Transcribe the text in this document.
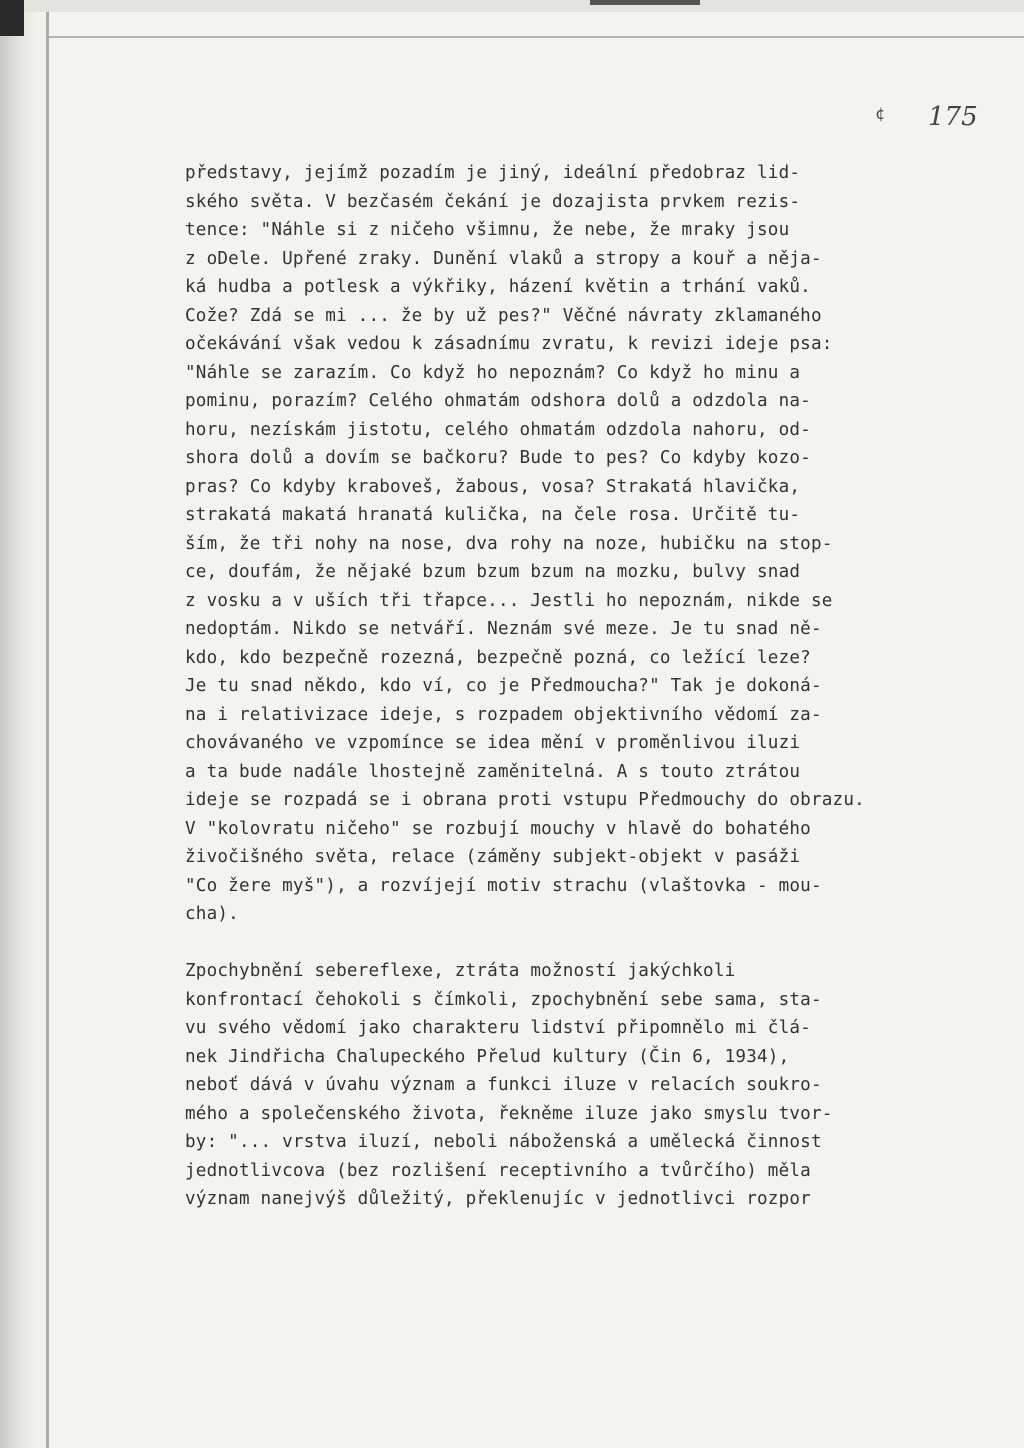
¢ 175
představy, jejímž pozadím je jiný, ideální předobraz lid-
ského světa. V bezčasém čekání je dozajista prvkem rezis-
tence: "Náhle si z ničeho všimnu, že nebe, že mraky jsou
z oDele. Upřené zraky. Dunění vlaků a stropy a kouř a něja-
ká hudba a potlesk a výkřiky, házení květin a trhání vaků.
Cože? Zdá se mi ... že by už pes?" Věčné návraty zklamaného
očekávání však vedou k zásadnímu zvratu, k revizi ideje psa:
"Náhle se zarazím. Co když ho nepoznám? Co když ho minu a
pominu, porazím? Celého ohmatám odshora dolů a odzdola na-
horu, nezískám jistotu, celého ohmatám odzdola nahoru, od-
shora dolů a dovím se bačkoru? Bude to pes? Co kdyby kozo-
pras? Co kdyby kraboveš, žabous, vosa? Strakatá hlavička,
strakatá makatá hranatá kulička, na čele rosa. Určitě tu-
ším, že tři nohy na nose, dva rohy na noze, hubičku na stop-
ce, doufám, že nějaké bzum bzum bzum na mozku, bulvy snad
z vosku a v uších tři třapce... Jestli ho nepoznám, nikde se
nedoptám. Nikdo se netváří. Neznám své meze. Je tu snad ně-
kdo, kdo bezpečně rozezná, bezpečně pozná, co ležící leze?
Je tu snad někdo, kdo ví, co je Předmoucha?" Tak je dokoná-
na i relativizace ideje, s rozpadem objektivního vědomí za-
chovávaného ve vzpomínce se idea mění v proměnlivou iluzi
a ta bude nadále lhostejně zaměnitelná. A s touto ztrátou
ideje se rozpadá se i obrana proti vstupu Předmouchy do obrazu.
V "kolovratu ničeho" se rozbují mouchy v hlavě do bohatého
živočišného světa, relace (záměny subjekt-objekt v pasáži
"Co žere myš"), a rozvíjejí motiv strachu (vlaštovka - mou-
cha).
Zpochybnění sebereflexe, ztráta možností jakýchkoli
konfrontací čehokoli s čímkoli, zpochybnění sebe sama, sta-
vu svého vědomí jako charakteru lidství připomnělo mi člá-
nek Jindřicha Chalupeckého Přelud kultury (Čin 6, 1934),
neboť dává v úvahu význam a funkci iluze v relacích soukro-
mého a společenského života, řekněme iluze jako smyslu tvor-
by: "... vrstva iluzí, neboli náboženská a umělecká činnost
jednotlivcova (bez rozlišení receptivního a tvůrčího) měla
význam nanejvýš důležitý, překlenujíc v jednotlivci rozpor
